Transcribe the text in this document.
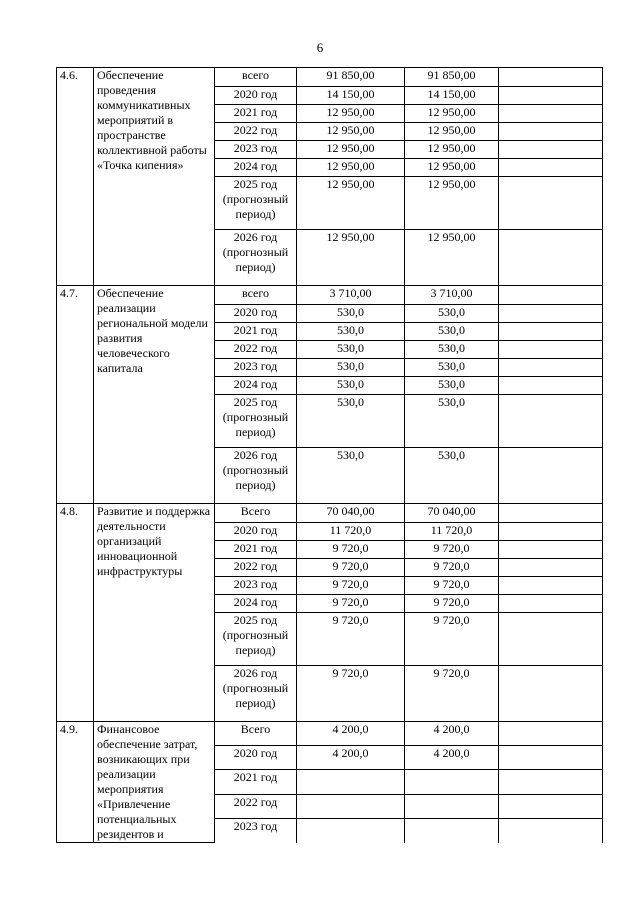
6
4.6.	Обеспечение проведения коммуникативных мероприятий в пространстве коллективной работы «Точка кипения»	всего	91 850,00	91 850,00	
		2020 год	14 150,00	14 150,00	
		2021 год	12 950,00	12 950,00	
		2022 год	12 950,00	12 950,00	
		2023 год	12 950,00	12 950,00	
		2024 год	12 950,00	12 950,00	
		2025 год (прогнозный период)	12 950,00	12 950,00	
		2026 год (прогнозный период)	12 950,00	12 950,00	
4.7.	Обеспечение реализации региональной модели развития человеческого капитала	всего	3 710,00	3 710,00	
		2020 год	530,0	530,0	
		2021 год	530,0	530,0	
		2022 год	530,0	530,0	
		2023 год	530,0	530,0	
		2024 год	530,0	530,0	
		2025 год (прогнозный период)	530,0	530,0	
		2026 год (прогнозный период)	530,0	530,0	
4.8.	Развитие и поддержка деятельности организаций инновационной инфраструктуры	Всего	70 040,00	70 040,00	
		2020 год	11 720,0	11 720,0	
		2021 год	9 720,0	9 720,0	
		2022 год	9 720,0	9 720,0	
		2023 год	9 720,0	9 720,0	
		2024 год	9 720,0	9 720,0	
		2025 год (прогнозный период)	9 720,0	9 720,0	
		2026 год (прогнозный период)	9 720,0	9 720,0	
4.9.	Финансовое обеспечение затрат, возникающих при реализации мероприятия «Привлечение потенциальных резидентов и	Всего	4 200,0	4 200,0	
		2020 год	4 200,0	4 200,0	
		2021 год			
		2022 год			
		2023 год			
